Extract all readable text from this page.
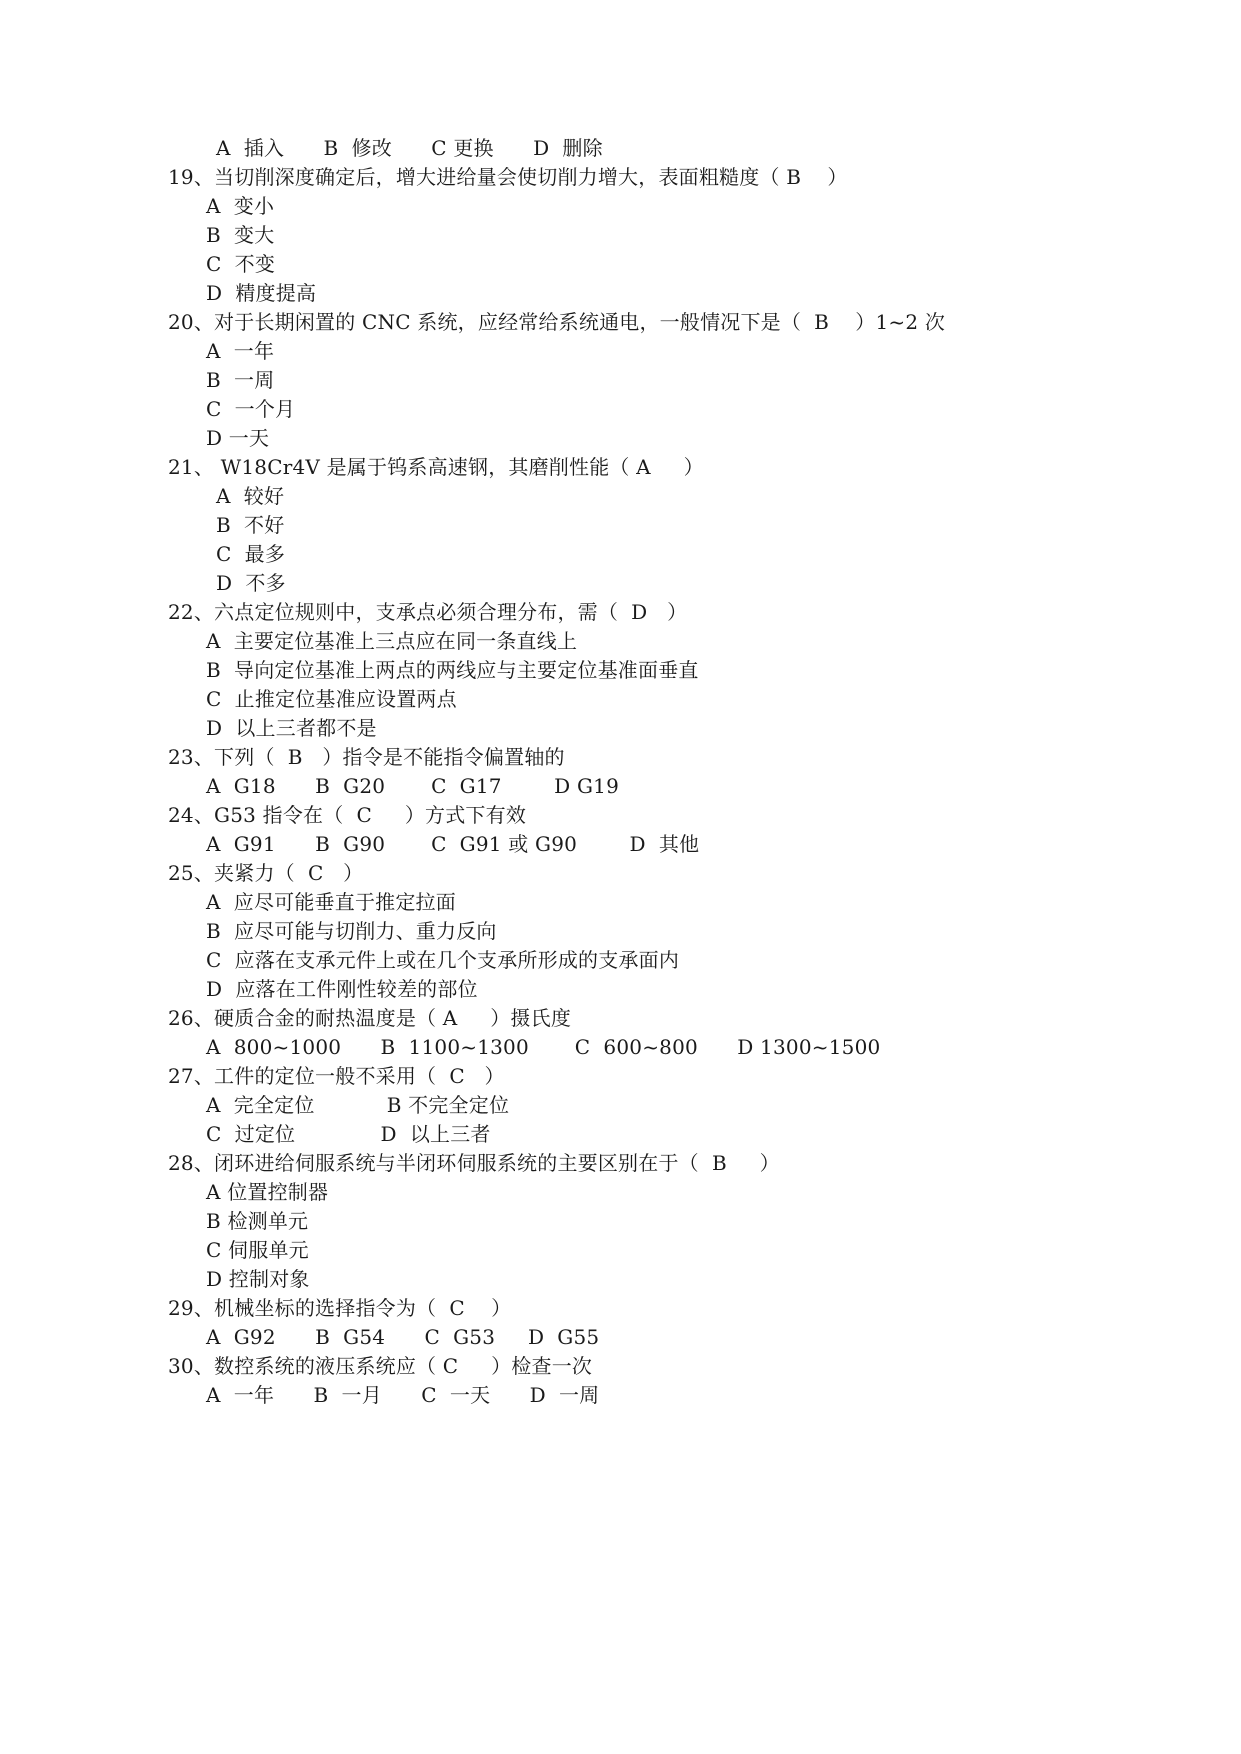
A  插入      B  修改      C 更换      D  删除
19、当切削深度确定后，增大进给量会使切削力增大，表面粗糙度（ B    ）
A  变小
B  变大
C  不变
D  精度提高
20、对于长期闲置的 CNC 系统，应经常给系统通电，一般情况下是（  B    ）1~2 次
A  一年
B  一周
C  一个月
D 一天
21、 W18Cr4V 是属于钨系高速钢，其磨削性能（ A     ）
A  较好
B  不好
C  最多
D  不多
22、六点定位规则中，支承点必须合理分布，需（  D   ）
A  主要定位基准上三点应在同一条直线上
B  导向定位基准上两点的两线应与主要定位基准面垂直
C  止推定位基准应设置两点
D  以上三者都不是
23、下列（  B   ）指令是不能指令偏置轴的
A  G18      B  G20       C  G17        D G19
24、G53 指令在（  C     ）方式下有效
A  G91      B  G90       C  G91 或 G90        D  其他
25、夹紧力（  C   ）
A  应尽可能垂直于推定拉面
B  应尽可能与切削力、重力反向
C  应落在支承元件上或在几个支承所形成的支承面内
D  应落在工件刚性较差的部位
26、硬质合金的耐热温度是（ A     ）摄氏度
A  800~1000      B  1100~1300       C  600~800      D 1300~1500
27、工件的定位一般不采用（  C   ）
A  完全定位           B 不完全定位
C  过定位             D  以上三者
28、闭环进给伺服系统与半闭环伺服系统的主要区别在于（  B     ）
A 位置控制器
B 检测单元
C 伺服单元
D 控制对象
29、机械坐标的选择指令为（  C    ）
A  G92      B  G54      C  G53     D  G55
30、数控系统的液压系统应（ C     ）检查一次
A  一年      B  一月      C  一天      D  一周
